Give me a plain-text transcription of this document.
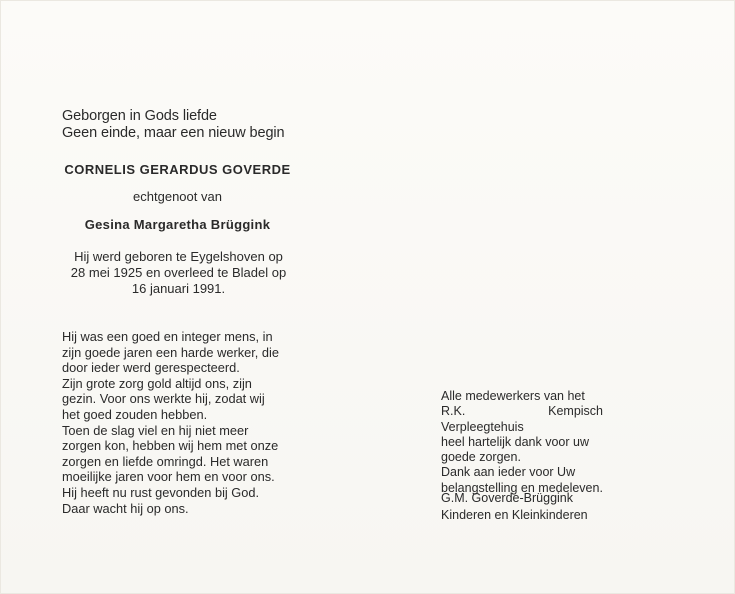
Geborgen in Gods liefde
Geen einde, maar een nieuw begin
CORNELIS GERARDUS GOVERDE
echtgenoot van
Gesina Margaretha Brüggink
Hij werd geboren te Eygelshoven op
28 mei 1925 en overleed te Bladel op
16 januari 1991.

Hij was een goed en integer mens, in

zijn goede jaren een harde werker, die

door ieder werd gerespecteerd.

Zijn grote zorg gold altijd ons, zijn

gezin. Voor ons werkte hij, zodat wij

het goed zouden hebben.

Toen de slag viel en hij niet meer

zorgen kon, hebben wij hem met onze

zorgen en liefde omringd. Het waren

moeilijke jaren voor hem en voor ons.

Hij heeft nu rust gevonden bij God.

Daar wacht hij op ons.

Alle medewerkers van het

R.K. Kempisch Verpleegtehuis

heel hartelijk dank voor uw

goede zorgen.

Dank aan ieder voor Uw

belangstelling en medeleven.

G.M. Goverde-Brüggink
Kinderen en Kleinkinderen
